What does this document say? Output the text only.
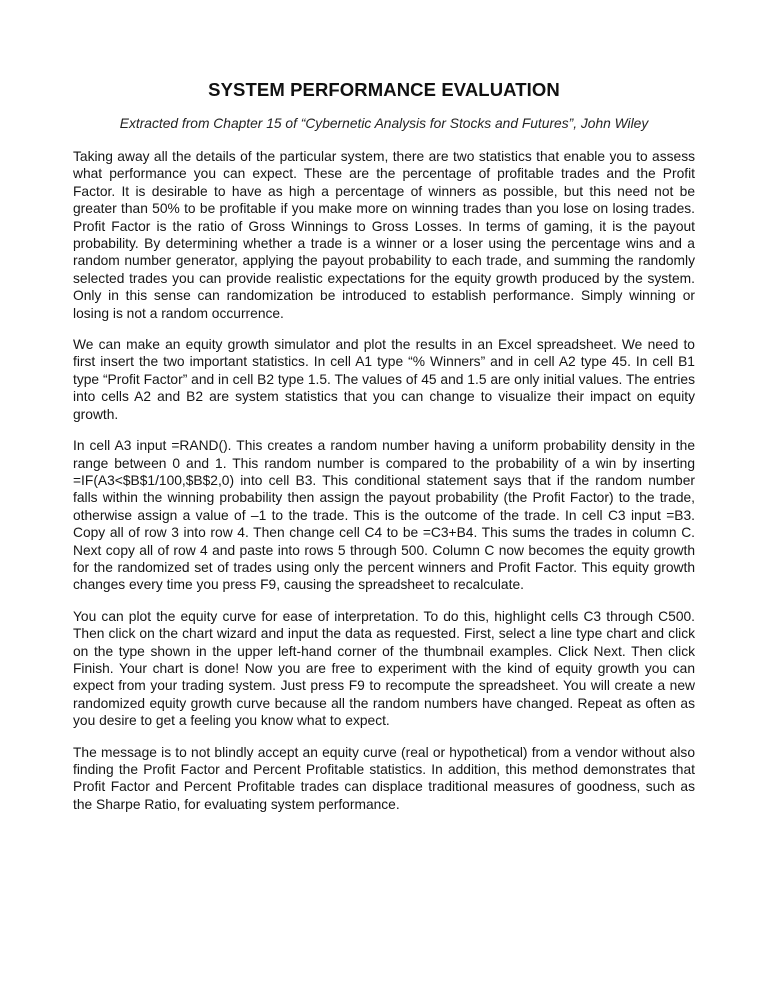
SYSTEM PERFORMANCE EVALUATION
Extracted from Chapter 15 of “Cybernetic Analysis for Stocks and Futures”, John Wiley

Taking away all the details of the particular system, there are two statistics that enable you to assess what performance you can expect. These are the percentage of profitable trades and the Profit Factor. It is desirable to have as high a percentage of winners as possible, but this need not be greater than 50% to be profitable if you make more on winning trades than you lose on losing trades. Profit Factor is the ratio of Gross Winnings to Gross Losses. In terms of gaming, it is the payout probability. By determining whether a trade is a winner or a loser using the percentage wins and a random number generator, applying the payout probability to each trade, and summing the randomly selected trades you can provide realistic expectations for the equity growth produced by the system. Only in this sense can randomization be introduced to establish performance. Simply winning or losing is not a random occurrence.

We can make an equity growth simulator and plot the results in an Excel spreadsheet. We need to first insert the two important statistics. In cell A1 type “% Winners” and in cell A2 type 45. In cell B1 type “Profit Factor” and in cell B2 type 1.5. The values of 45 and 1.5 are only initial values. The entries into cells A2 and B2 are system statistics that you can change to visualize their impact on equity growth.

In cell A3 input =RAND(). This creates a random number having a uniform probability density in the range between 0 and 1. This random number is compared to the probability of a win by inserting =IF(A3<$B$1/100,$B$2,0) into cell B3. This conditional statement says that if the random number falls within the winning probability then assign the payout probability (the Profit Factor) to the trade, otherwise assign a value of –1 to the trade. This is the outcome of the trade. In cell C3 input =B3. Copy all of row 3 into row 4. Then change cell C4 to be =C3+B4. This sums the trades in column C. Next copy all of row 4 and paste into rows 5 through 500. Column C now becomes the equity growth for the randomized set of trades using only the percent winners and Profit Factor. This equity growth changes every time you press F9, causing the spreadsheet to recalculate.

You can plot the equity curve for ease of interpretation. To do this, highlight cells C3 through C500. Then click on the chart wizard and input the data as requested. First, select a line type chart and click on the type shown in the upper left-hand corner of the thumbnail examples. Click Next. Then click Finish. Your chart is done! Now you are free to experiment with the kind of equity growth you can expect from your trading system. Just press F9 to recompute the spreadsheet. You will create a new randomized equity growth curve because all the random numbers have changed. Repeat as often as you desire to get a feeling you know what to expect.

The message is to not blindly accept an equity curve (real or hypothetical) from a vendor without also finding the Profit Factor and Percent Profitable statistics. In addition, this method demonstrates that Profit Factor and Percent Profitable trades can displace traditional measures of goodness, such as the Sharpe Ratio, for evaluating system performance.
